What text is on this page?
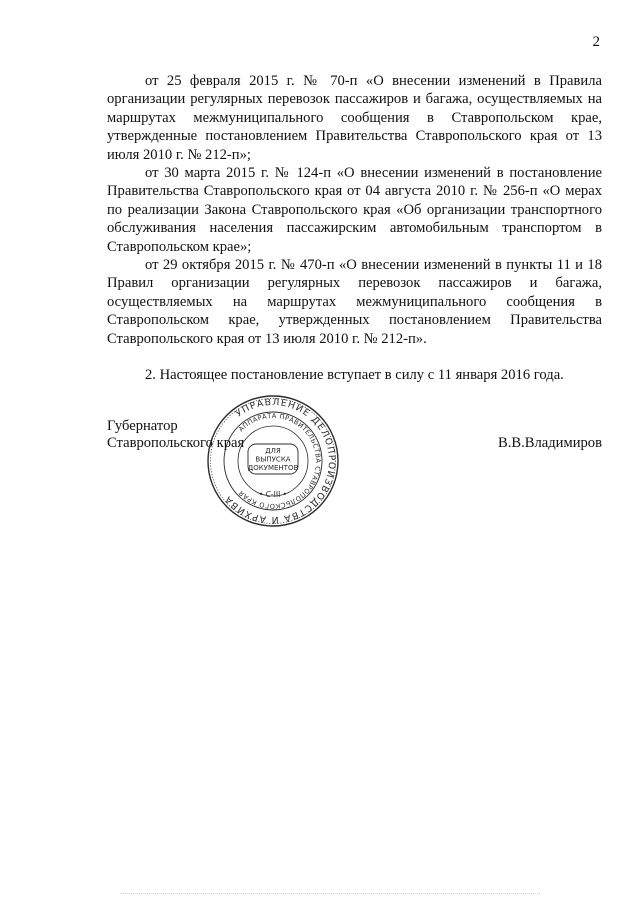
2

от 25 февраля 2015 г. № 70-п «О внесении изменений в Правила организации регулярных перевозок пассажиров и багажа, осуществляемых на маршрутах межмуниципального сообщения в Ставропольском крае, утвержденные постановлением Правительства Ставропольского края от 13 июля 2010 г. № 212-п»;

от 30 марта 2015 г. № 124-п «О внесении изменений в постановление Правительства Ставропольского края от 04 августа 2010 г. № 256-п «О мерах по реализации Закона Ставропольского края «Об организации транспортного обслуживания населения пассажирским автомобильным транспортом в Ставропольском крае»;

от 29 октября 2015 г. № 470-п «О внесении изменений в пункты 11 и 18 Правил организации регулярных перевозок пассажиров и багажа, осуществляемых на маршрутах межмуниципального сообщения в Ставропольском крае, утвержденных постановлением Правительства Ставропольского края от 13 июля 2010 г. № 212-п».

2. Настоящее постановление вступает в силу с 11 января 2016 года.

Губернатор
Ставропольского края	В.В.Владимиров
УПРАВЛЕНИЕ ДЕЛОПРОИЗВОДСТВА И АРХИВА
АППАРАТА ПРАВИТЕЛЬСТВА СТАВРОПОЛЬСКОГО КРАЯ
ДЛЯ
ВЫПУСКА
ДОКУМЕНТОВ
• С-III •
